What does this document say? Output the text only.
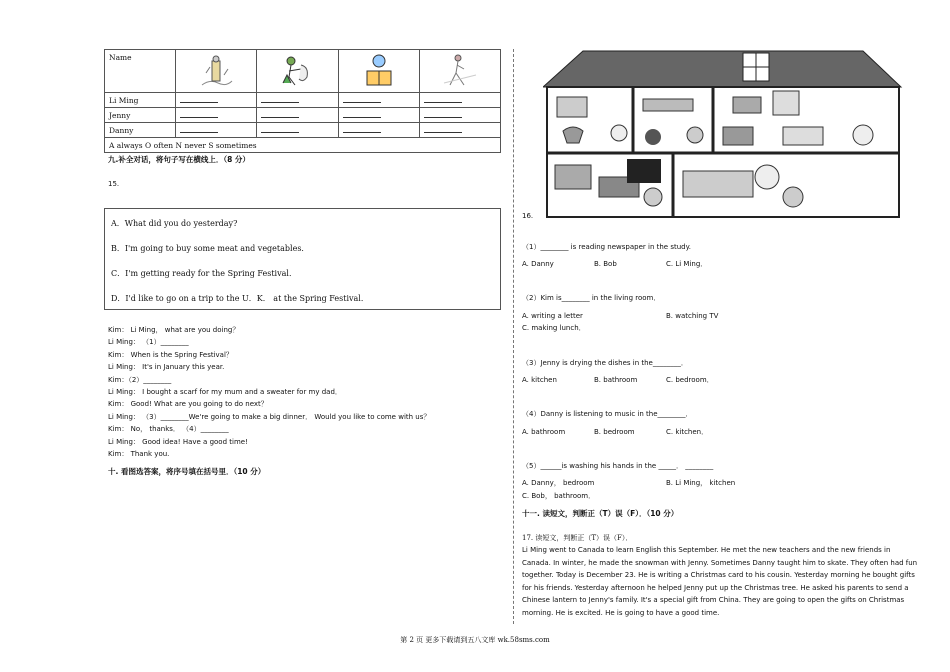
Name				
Li Ming				
Jenny				
Danny				
A always O often N never S sometimes				
九.补全对话，将句子写在横线上．（8 分）
15.
A．What did you do yesterday?
B．I'm going to buy some meat and vegetables．
C．I'm getting ready for the Spring Festival．
D．I'd like to go on a trip to the U．K． at the Spring Festival．
Kim： Li Ming， what are you doing？
Li Ming： （1）________
Kim： When is the Spring Festival？
Li Ming： It's in January this year.
Kim：（2）________
Li Ming： I bought a scarf for my mum and a sweater for my dad．
Kim： Good! What are you going to do next？
Li Ming： （3）________We're going to make a big dinner． Would you like to come with us？
Kim： No， thanks． （4）________
Li Ming： Good idea! Have a good time!
Kim： Thank you.
十. 看图选答案，将序号填在括号里．（10 分）
16.
（1）________ is reading newspaper in the study.
A. Danny	B. Bob	C. Li Ming．
（2）Kim is________ in the living room．
A. writing a letter	B. watching TV
C. making lunch．
（3）Jenny is drying the dishes in the________．
A. kitchen	B. bathroom	C. bedroom．
（4）Danny is listening to music in the________．
A. bathroom	B. bedroom	C. kitchen．
（5）______is washing his hands in the _____． ________
A. Danny， bedroom	B. Li Ming， kitchen
C. Bob， bathroom．
十一. 读短文，判断正（T）误（F）．（10 分）
17. 读短文，判断正（T）误（F）．
Li Ming went to Canada to learn English this September. He met the new teachers and the new friends in Canada. In winter, he made the snowman with Jenny. Sometimes Danny taught him to skate. They often had fun together. Today is December 23. He is writing a Christmas card to his cousin. Yesterday morning he bought gifts for his friends. Yesterday afternoon he helped Jenny put up the Christmas tree. He asked his parents to send a Chinese lantern to Jenny's family. It's a special gift from China. They are going to open the gifts on Christmas morning. He is excited. He is going to have a good time.
第 2 页 更多下载请到五八文库 wk.58sms.com
